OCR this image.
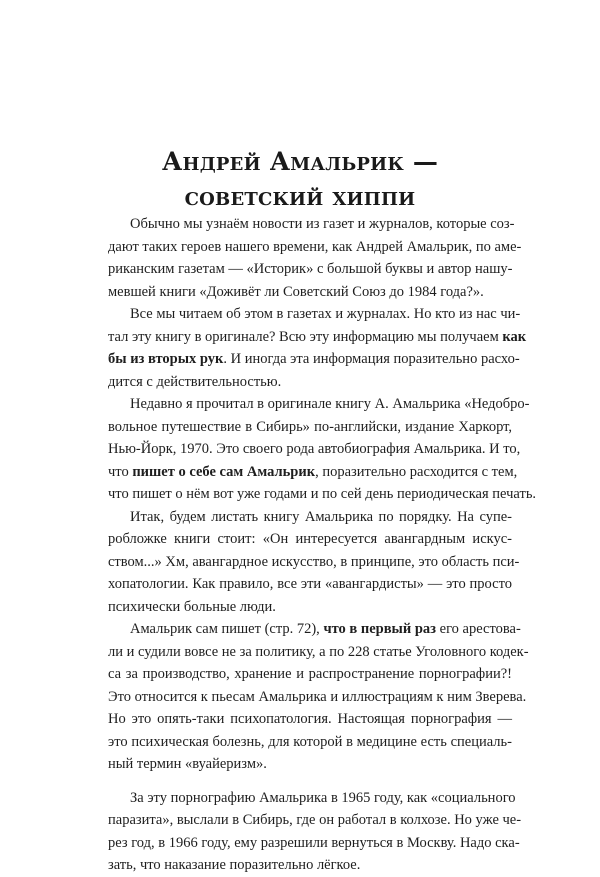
Андрей Амальрик —
советский хиппи
Обычно мы узнаём новости из газет и журналов, которые соз-
дают таких героев нашего времени, как Андрей Амальрик, по аме-
риканским газетам — «Историк» с большой буквы и автор нашу-
мевшей книги «Доживёт ли Советский Союз до 1984 года?».
Все мы читаем об этом в газетах и журналах. Но кто из нас чи-
тал эту книгу в оригинале? Всю эту информацию мы получаем как
бы из вторых рук. И иногда эта информация поразительно расхо-
дится с действительностью.
Недавно я прочитал в оригинале книгу А. Амальрика «Недобро-
вольное путешествие в Сибирь» по-английски, издание Харкорт,
Нью-Йорк, 1970. Это своего рода автобиография Амальрика. И то,
что пишет о себе сам Амальрик, поразительно расходится с тем,
что пишет о нём вот уже годами и по сей день периодическая печать.
Итак, будем листать книгу Амальрика по порядку. На супе-
робложке книги стоит: «Он интересуется авангардным искус-
ством...» Хм, авангардное искусство, в принципе, это область пси-
хопатологии. Как правило, все эти «авангардисты» — это просто
психически больные люди.
Амальрик сам пишет (стр. 72), что в первый раз его арестова-
ли и судили вовсе не за политику, а по 228 статье Уголовного кодек-
са за производство, хранение и распространение порнографии?!
Это относится к пьесам Амальрика и иллюстрациям к ним Зверева.
Но это опять-таки психопатология. Настоящая порнография —
это психическая болезнь, для которой в медицине есть специаль-
ный термин «вуайеризм».
За эту порнографию Амальрика в 1965 году, как «социального
паразита», выслали в Сибирь, где он работал в колхозе. Но уже че-
рез год, в 1966 году, ему разрешили вернуться в Москву. Надо ска-
зать, что наказание поразительно лёгкое.
